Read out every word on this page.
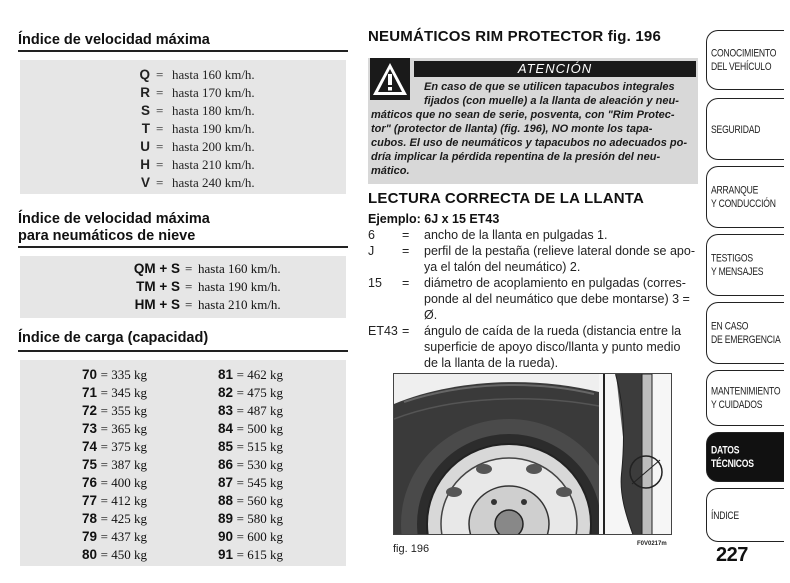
Índice de velocidad máxima
Q = hasta 160 km/h.
R = hasta 170 km/h.
S = hasta 180 km/h.
T = hasta 190 km/h.
U = hasta 200 km/h.
H = hasta 210 km/h.
V = hasta 240 km/h.
Índice de velocidad máxima
para neumáticos de nieve
QM + S = hasta 160 km/h.
TM + S = hasta 190 km/h.
HM + S = hasta 210 km/h.
Índice de carga (capacidad)
70 = 335 kg
71 = 345 kg
72 = 355 kg
73 = 365 kg
74 = 375 kg
75 = 387 kg
76 = 400 kg
77 = 412 kg
78 = 425 kg
79 = 437 kg
80 = 450 kg
81 = 462 kg
82 = 475 kg
83 = 487 kg
84 = 500 kg
85 = 515 kg
86 = 530 kg
87 = 545 kg
88 = 560 kg
89 = 580 kg
90 = 600 kg
91 = 615 kg
NEUMÁTICOS RIM PROTECTOR fig. 196
ATENCIÓN
En caso de que se utilicen tapacubos integrales
fijados (con muelle) a la llanta de aleación y neu-
máticos que no sean de serie, posventa, con "Rim Protec-
tor" (protector de llanta) (fig. 196), NO monte los tapa-
cubos. El uso de neumáticos y tapacubos no adecuados po-
dría implicar la pérdida repentina de la presión del neu-
mático.
LECTURA CORRECTA DE LA LLANTA
Ejemplo: 6J x 15 ET43
6 = ancho de la llanta en pulgadas 1.
J = perfil de la pestaña (relieve lateral donde se apo-
ya el talón del neumático) 2.
15 = diámetro de acoplamiento en pulgadas (corres-
ponde al del neumático que debe montarse) 3 =
Ø.
ET43 = ángulo de caída de la rueda (distancia entre la
superficie de apoyo disco/llanta y punto medio
de la llanta de la rueda).
fig. 196	F0V0217m
CONOCIMIENTO
DEL VEHÍCULO
SEGURIDAD
ARRANQUE
Y CONDUCCIÓN
TESTIGOS
Y MENSAJES
EN CASO
DE EMERGENCIA
MANTENIMIENTO
Y CUIDADOS
DATOS TÉCNICOS
ÍNDICE
227
